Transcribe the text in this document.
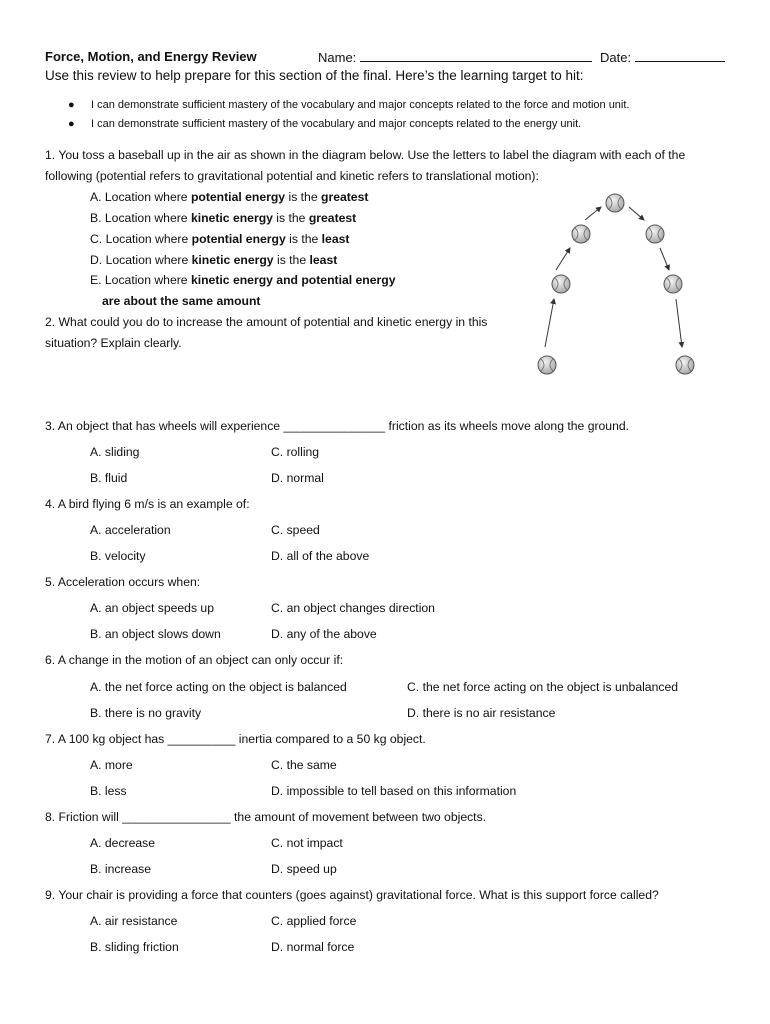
Force, Motion, and Energy Review	Name:	Date:
Use this review to help prepare for this section of the final. Here’s the learning target to hit:
● I can demonstrate sufficient mastery of the vocabulary and major concepts related to the force and motion unit.
● I can demonstrate sufficient mastery of the vocabulary and major concepts related to the energy unit.
1. You toss a baseball up in the air as shown in the diagram below. Use the letters to label the diagram with each of the
following (potential refers to gravitational potential and kinetic refers to translational motion):
A. Location where potential energy is the greatest
B. Location where kinetic energy is the greatest
C. Location where potential energy is the least
D. Location where kinetic energy is the least
E. Location where kinetic energy and potential energy
are about the same amount
2. What could you do to increase the amount of potential and kinetic energy in this
situation? Explain clearly.
3. An object that has wheels will experience _______________ friction as its wheels move along the ground.
A. sliding	C. rolling
B. fluid	D. normal
4. A bird flying 6 m/s is an example of:
A. acceleration	C. speed
B. velocity	D. all of the above
5. Acceleration occurs when:
A. an object speeds up	C. an object changes direction
B. an object slows down	D. any of the above
6. A change in the motion of an object can only occur if:
A. the net force acting on the object is balanced	C. the net force acting on the object is unbalanced
B. there is no gravity	D. there is no air resistance
7. A 100 kg object has __________ inertia compared to a 50 kg object.
A. more	C. the same
B. less	D. impossible to tell based on this information
8. Friction will ________________ the amount of movement between two objects.
A. decrease	C. not impact
B. increase	D. speed up
9. Your chair is providing a force that counters (goes against) gravitational force. What is this support force called?
A. air resistance	C. applied force
B. sliding friction	D. normal force
